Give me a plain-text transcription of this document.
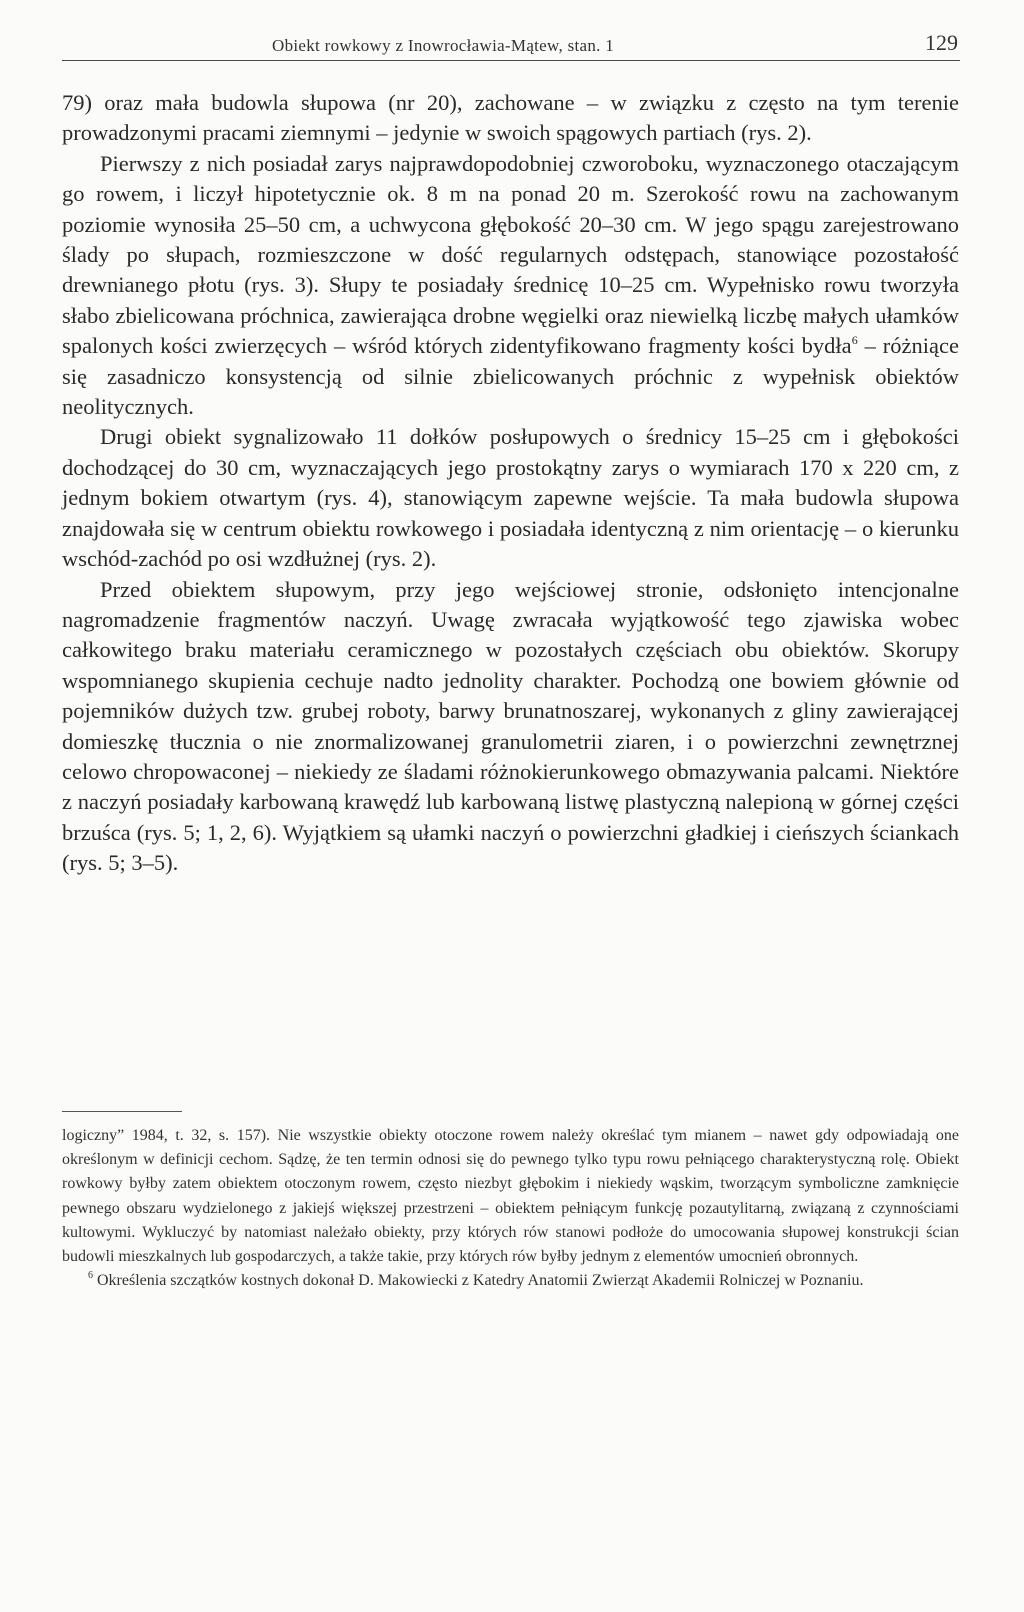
Obiekt rowkowy z Inowrocławia-Mątew, stan. 1	129

79) oraz mała budowla słupowa (nr 20), zachowane – w związku z często na tym terenie prowadzonymi pracami ziemnymi – jedynie w swoich spągowych partiach (rys. 2).

Pierwszy z nich posiadał zarys najprawdopodobniej czworoboku, wyznaczonego otaczającym go rowem, i liczył hipotetycznie ok. 8 m na ponad 20 m. Szerokość rowu na zachowanym poziomie wynosiła 25–50 cm, a uchwycona głębokość 20–30 cm. W jego spągu zarejestrowano ślady po słupach, rozmieszczone w dość regularnych odstępach, stanowiące pozostałość drewnianego płotu (rys. 3). Słupy te posiadały średnicę 10–25 cm. Wypełnisko rowu tworzyła słabo zbielicowana próchnica, zawierająca drobne węgielki oraz niewielką liczbę małych ułamków spalonych kości zwierzęcych – wśród których zidentyfikowano fragmenty kości bydła$^6$ – różniące się zasadniczo konsystencją od silnie zbielicowanych próchnic z wypełnisk obiektów neolitycznych.

Drugi obiekt sygnalizowało 11 dołków posłupowych o średnicy 15–25 cm i głębokości dochodzącej do 30 cm, wyznaczających jego prostokątny zarys o wymiarach 170 x 220 cm, z jednym bokiem otwartym (rys. 4), stanowiącym zapewne wejście. Ta mała budowla słupowa znajdowała się w centrum obiektu rowkowego i posiadała identyczną z nim orientację – o kierunku wschód-zachód po osi wzdłużnej (rys. 2).

Przed obiektem słupowym, przy jego wejściowej stronie, odsłonięto intencjonalne nagromadzenie fragmentów naczyń. Uwagę zwracała wyjątkowość tego zjawiska wobec całkowitego braku materiału ceramicznego w pozostałych częściach obu obiektów. Skorupy wspomnianego skupienia cechuje nadto jednolity charakter. Pochodzą one bowiem głównie od pojemników dużych tzw. grubej roboty, barwy brunatnoszarej, wykonanych z gliny zawierającej domieszkę tłucznia o nie znormalizowanej granulometrii ziaren, i o powierzchni zewnętrznej celowo chropowaconej – niekiedy ze śladami różnokierunkowego obmazywania palcami. Niektóre z naczyń posiadały karbowaną krawędź lub karbowaną listwę plastyczną nalepioną w górnej części brzuśca (rys. 5; 1, 2, 6). Wyjątkiem są ułamki naczyń o powierzchni gładkiej i cieńszych ściankach (rys. 5; 3–5).

logiczny” 1984, t. 32, s. 157). Nie wszystkie obiekty otoczone rowem należy określać tym mianem – nawet gdy odpowiadają one określonym w definicji cechom. Sądzę, że ten termin odnosi się do pewnego tylko typu rowu pełniącego charakterystyczną rolę. Obiekt rowkowy byłby zatem obiektem otoczonym rowem, często niezbyt głębokim i niekiedy wąskim, tworzącym symboliczne zamknięcie pewnego obszaru wydzielonego z jakiejś większej przestrzeni – obiektem pełniącym funkcję pozautylitarną, związaną z czynnościami kultowymi. Wykluczyć by natomiast należało obiekty, przy których rów stanowi podłoże do umocowania słupowej konstrukcji ścian budowli mieszkalnych lub gospodarczych, a także takie, przy których rów byłby jednym z elementów umocnień obronnych.

$^6$ Określenia szczątków kostnych dokonał D. Makowiecki z Katedry Anatomii Zwierząt Akademii Rolniczej w Poznaniu.
